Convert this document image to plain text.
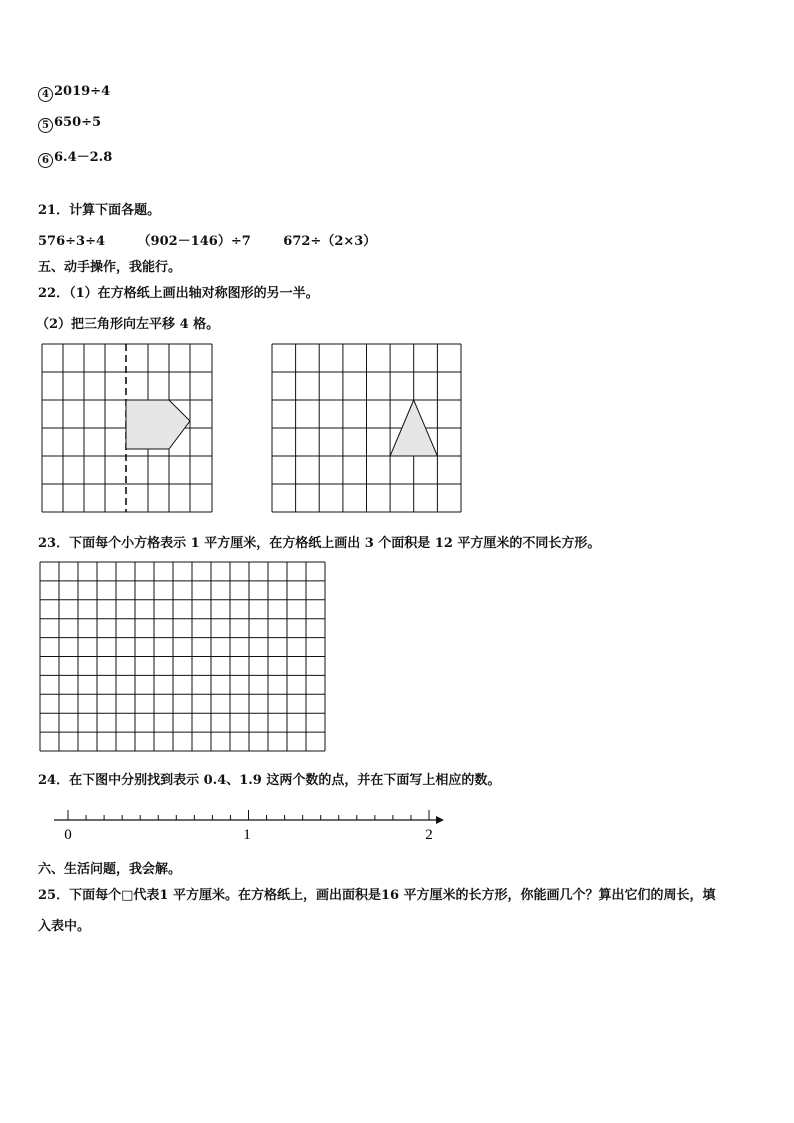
4 2019÷4
5 650÷5
6 6.4－2.8
21．计算下面各题。
576÷3÷4	（902－146）÷7	672÷（2×3）
五、动手操作，我能行。
22．（1）在方格纸上画出轴对称图形的另一半。
（2）把三角形向左平移 4 格。
23．下面每个小方格表示 1 平方厘米，在方格纸上画出 3 个面积是 12 平方厘米的不同长方形。
24．在下图中分别找到表示 0.4、1.9 这两个数的点，并在下面写上相应的数。
0	1	2
六、生活问题，我会解。
25．下面每个□代表1 平方厘米。在方格纸上，画出面积是16 平方厘米的长方形，你能画几个？算出它们的周长，填
入表中。
